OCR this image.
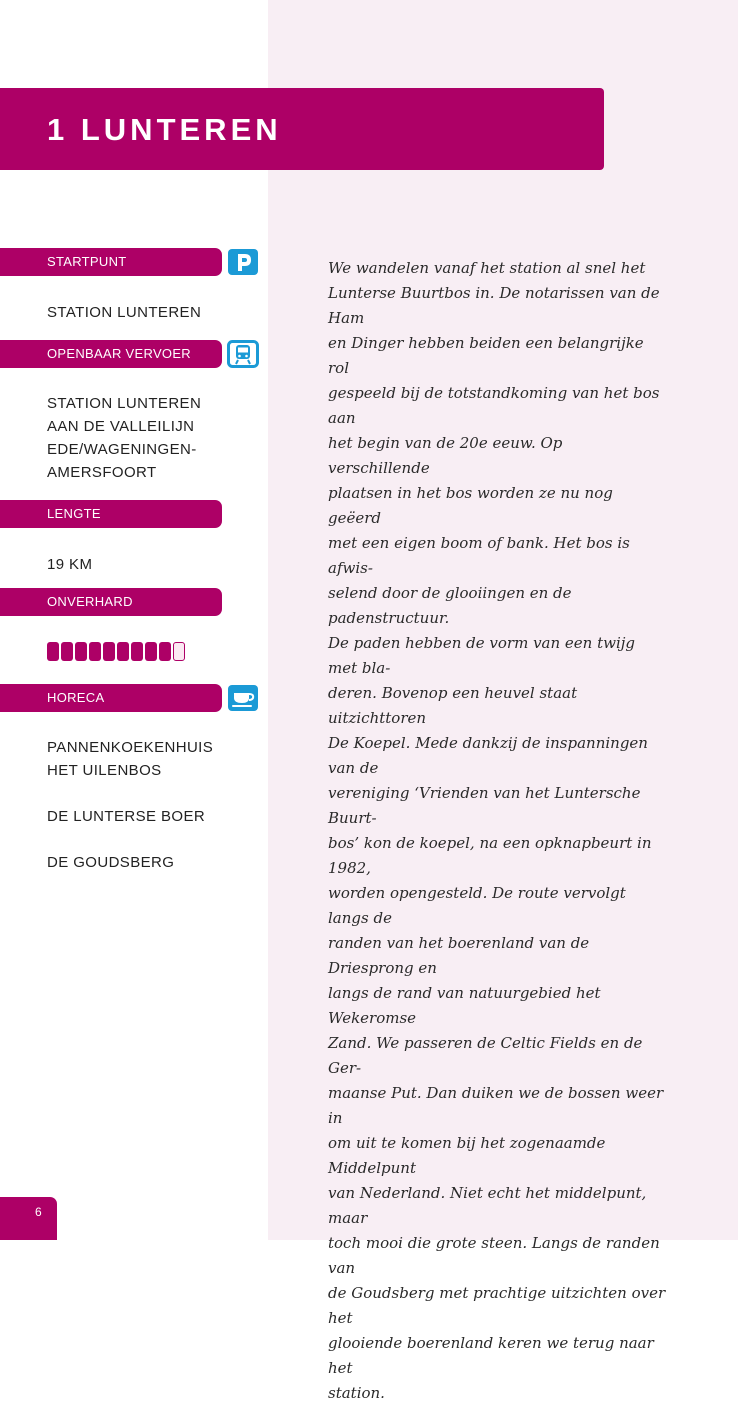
1 LUNTEREN
STARTPUNT
STATION LUNTEREN
OPENBAAR VERVOER
STATION LUNTEREN
AAN DE VALLEILIJN
EDE/WAGENINGEN-
AMERSFOORT
LENGTE
19 KM
ONVERHARD
HORECA
PANNENKOEKENHUIS
HET UILENBOS
DE LUNTERSE BOER
DE GOUDSBERG

We wandelen vanaf het station al snel het
Lunterse Buurtbos in. De notarissen van de Ham
en Dinger hebben beiden een belangrijke rol
gespeeld bij de totstandkoming van het bos aan
het begin van de 20e eeuw. Op verschillende
plaatsen in het bos worden ze nu nog geëerd
met een eigen boom of bank. Het bos is afwis-
selend door de glooiingen en de padenstructuur.
De paden hebben de vorm van een twijg met bla-
deren. Bovenop een heuvel staat uitzichttoren
De Koepel. Mede dankzij de inspanningen van de
vereniging ‘Vrienden van het Luntersche Buurt-
bos’ kon de koepel, na een opknapbeurt in 1982,
worden opengesteld. De route vervolgt langs de
randen van het boerenland van de Driesprong en
langs de rand van natuurgebied het Wekeromse
Zand. We passeren de Celtic Fields en de Ger-
maanse Put. Dan duiken we de bossen weer in
om uit te komen bij het zogenaamde Middelpunt
van Nederland. Niet echt het middelpunt, maar
toch mooi die grote steen. Langs de randen van
de Goudsberg met prachtige uitzichten over het
glooiende boerenland keren we terug naar het
station.

6
